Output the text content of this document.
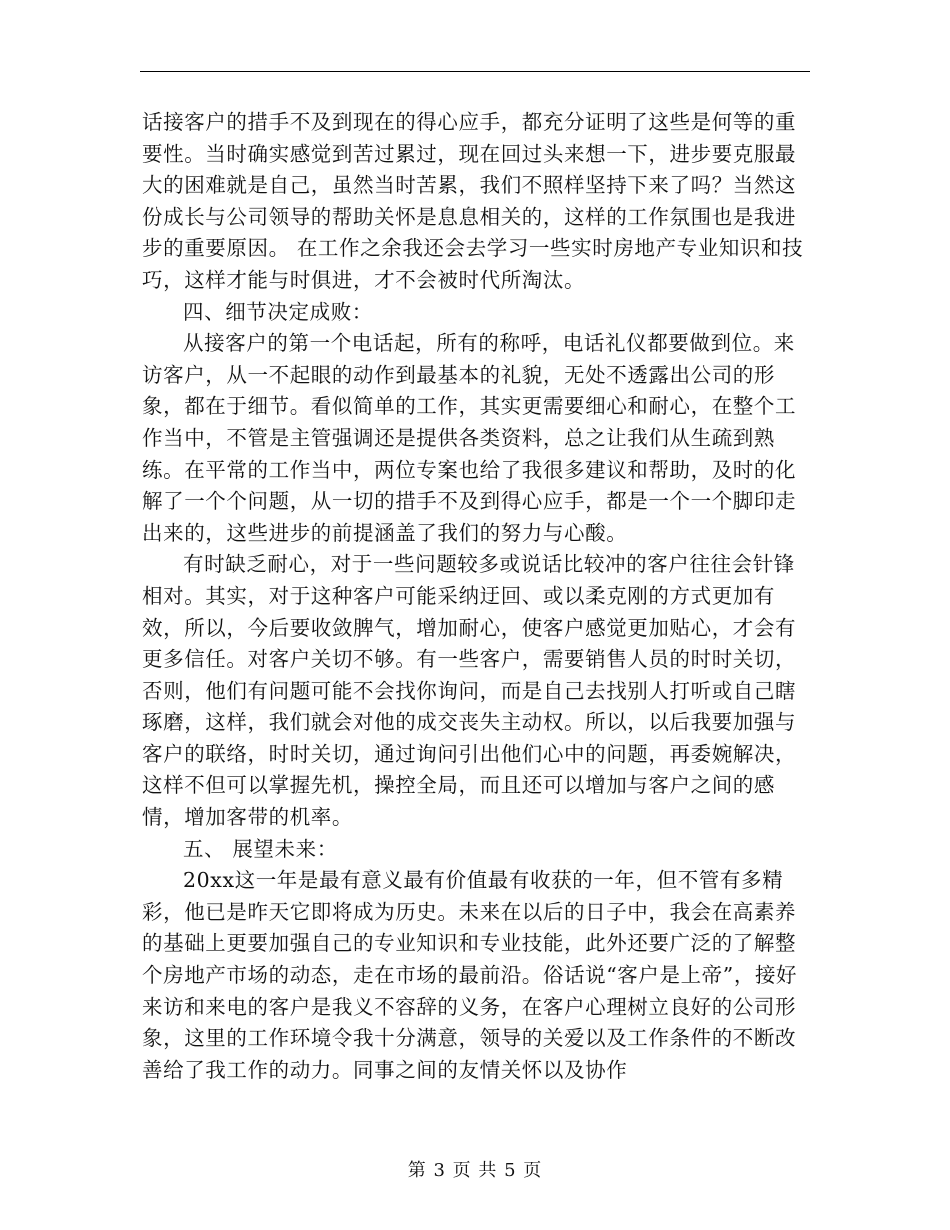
话接客户的措手不及到现在的得心应手，都充分证明了这些是何等的重要性。当时确实感觉到苦过累过，现在回过头来想一下，进步要克服最大的困难就是自己，虽然当时苦累，我们不照样坚持下来了吗？当然这份成长与公司领导的帮助关怀是息息相关的，这样的工作氛围也是我进步的重要原因。 在工作之余我还会去学习一些实时房地产专业知识和技巧，这样才能与时俱进，才不会被时代所淘汰。

四、细节决定成败：

从接客户的第一个电话起，所有的称呼，电话礼仪都要做到位。来访客户，从一不起眼的动作到最基本的礼貌，无处不透露出公司的形象，都在于细节。看似简单的工作，其实更需要细心和耐心，在整个工作当中，不管是主管强调还是提供各类资料，总之让我们从生疏到熟练。在平常的工作当中，两位专案也给了我很多建议和帮助，及时的化解了一个个问题，从一切的措手不及到得心应手，都是一个一个脚印走出来的，这些进步的前提涵盖了我们的努力与心酸。

有时缺乏耐心，对于一些问题较多或说话比较冲的客户往往会针锋相对。其实，对于这种客户可能采纳迂回、或以柔克刚的方式更加有效，所以，今后要收敛脾气，增加耐心，使客户感觉更加贴心，才会有更多信任。对客户关切不够。有一些客户，需要销售人员的时时关切，否则，他们有问题可能不会找你询问，而是自己去找别人打听或自己瞎琢磨，这样，我们就会对他的成交丧失主动权。所以，以后我要加强与客户的联络，时时关切，通过询问引出他们心中的问题，再委婉解决，这样不但可以掌握先机，操控全局，而且还可以增加与客户之间的感情，增加客带的机率。

五、 展望未来：

20xx这一年是最有意义最有价值最有收获的一年，但不管有多精彩，他已是昨天它即将成为历史。未来在以后的日子中，我会在高素养的基础上更要加强自己的专业知识和专业技能，此外还要广泛的了解整个房地产市场的动态，走在市场的最前沿。俗话说“客户是上帝”，接好来访和来电的客户是我义不容辞的义务，在客户心理树立良好的公司形象，这里的工作环境令我十分满意，领导的关爱以及工作条件的不断改善给了我工作的动力。同事之间的友情关怀以及协作

第 3 页 共 5 页
